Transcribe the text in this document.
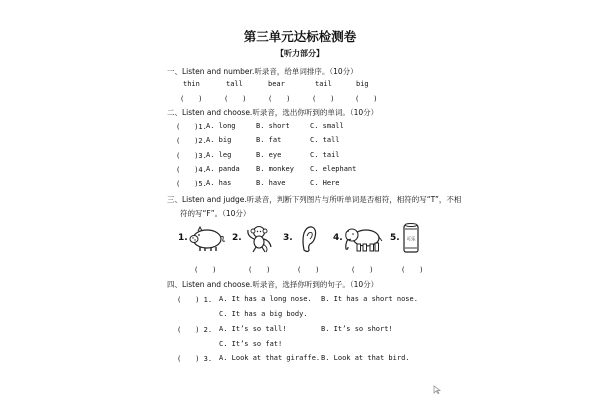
第三单元达标检测卷
【听力部分】
一、Listen and number.听录音，给单词排序。（10分）
thin	tall	bear	tail	big
(　　)	(　　)	(　　)	(　　)	(　　)
二、Listen and choose.听录音，选出你听到的单词。（10分）
(　　)1. A. long	B. short	C. small
(　　)2. A. big	B. fat	C. tall
(　　)3. A. leg	B. eye	C. tail
(　　)4. A. panda B. monkey C. elephant
(　　)5. A. has	B. have	C. Here
三、Listen and judge.听录音，判断下列图片与所听单词是否相符，相符的写“T”，不相
符的写“F”。（10分）
1.	2.	3.	4.	5. 可乐
(　　)	(　　)	(　　)	(　　)	(　　)
四、Listen and choose.听录音，选择你听到的句子。（10分）
(　　) 1. A. It has a long nose. B. It has a short nose.
C. It has a big body.
(　　) 2. A. It’s so tall!	B. It’s so short!
C. It’s so fat!
(　　) 3. A. Look at that giraffe. B. Look at that bird.
